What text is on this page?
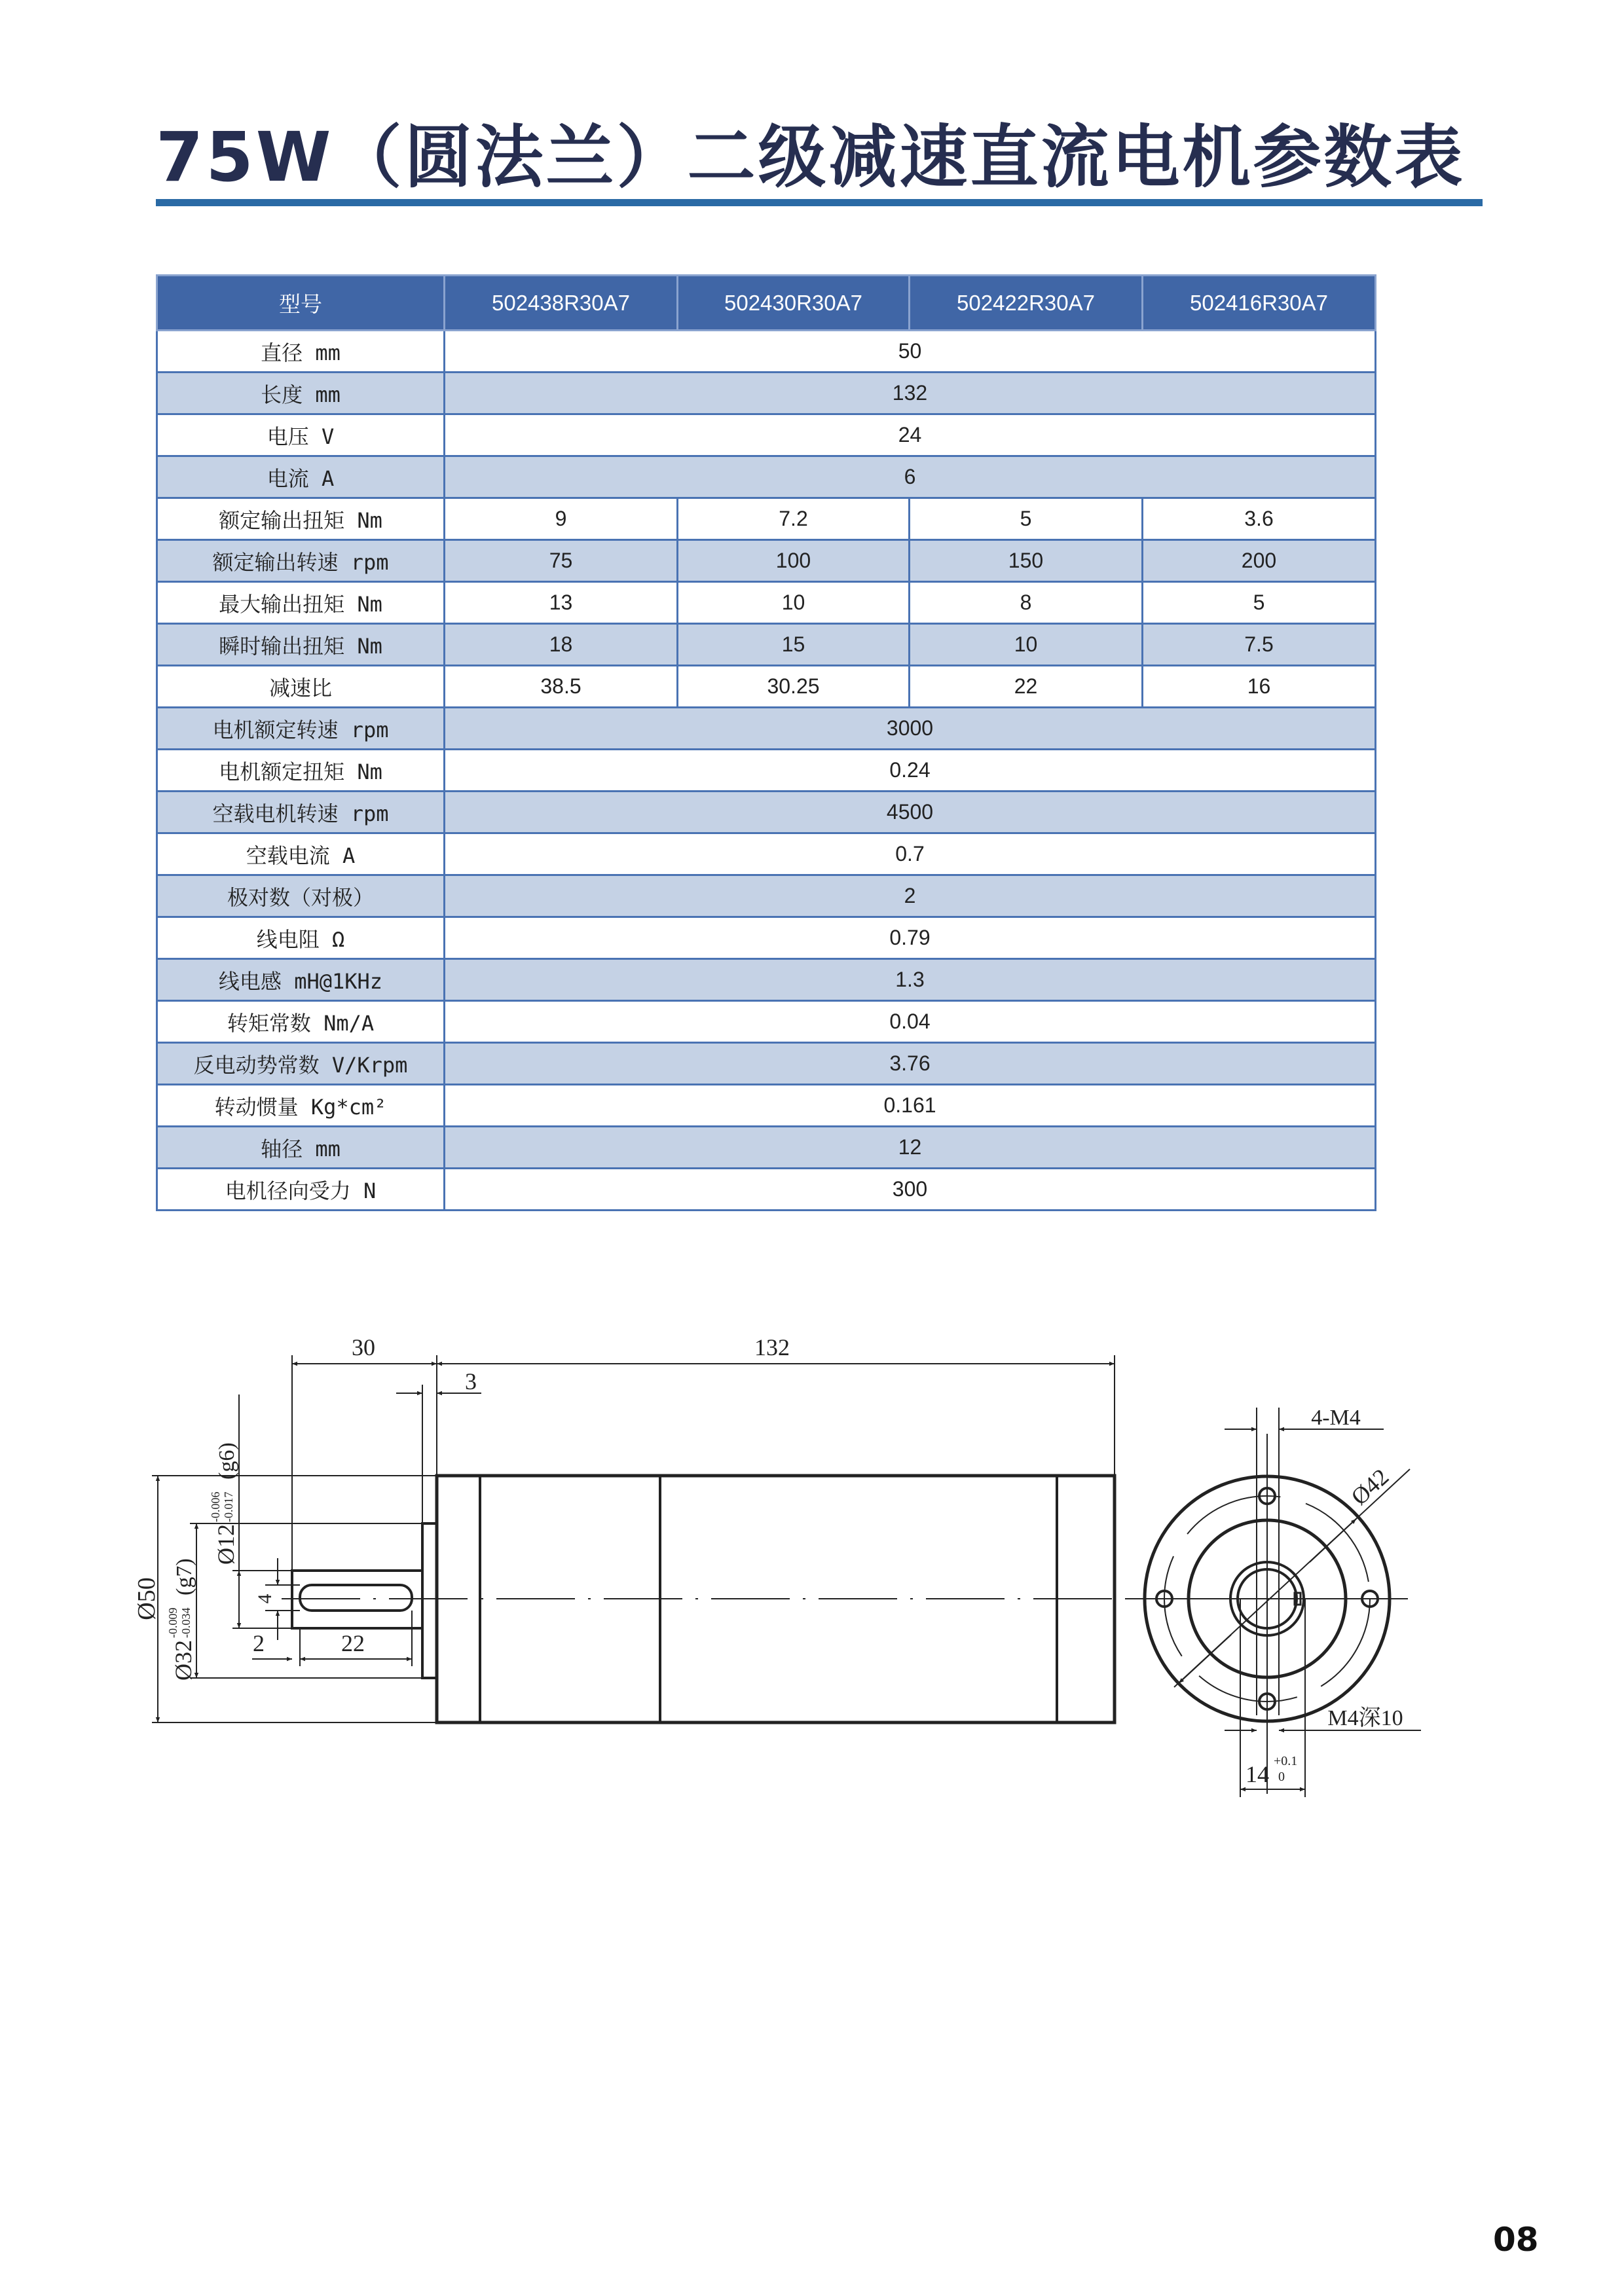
75W（圆法兰）二级减速直流电机参数表
型号	502438R30A7	502430R30A7	502422R30A7	502416R30A7
直径 mm	50			
长度 mm	132			
电压 V	24			
电流 A	6			
额定输出扭矩 Nm	9	7.2	5	3.6
额定输出转速 rpm	75	100	150	200
最大输出扭矩 Nm	13	10	8	5
瞬时输出扭矩 Nm	18	15	10	7.5
减速比	38.5	30.25	22	16
电机额定转速 rpm	3000			
电机额定扭矩 Nm	0.24			
空载电机转速 rpm	4500			
空载电流 A	0.7			
极对数（对极）	2			
线电阻 Ω	0.79			
线电感 mH@1KHz	1.3			
转矩常数 Nm/A	0.04			
反电动势常数 V/Krpm	3.76			
转动惯量 Kg*cm²	0.161			
轴径 mm	12			
电机径向受力 N	300			
30	132
3
Ø50
Ø32
-0.009 -0.034
(g7)
Ø12
-0.006 -0.017
(g6)
4
2	22
4-M4
Ø42
M4深10
14 +0.1
0
08
